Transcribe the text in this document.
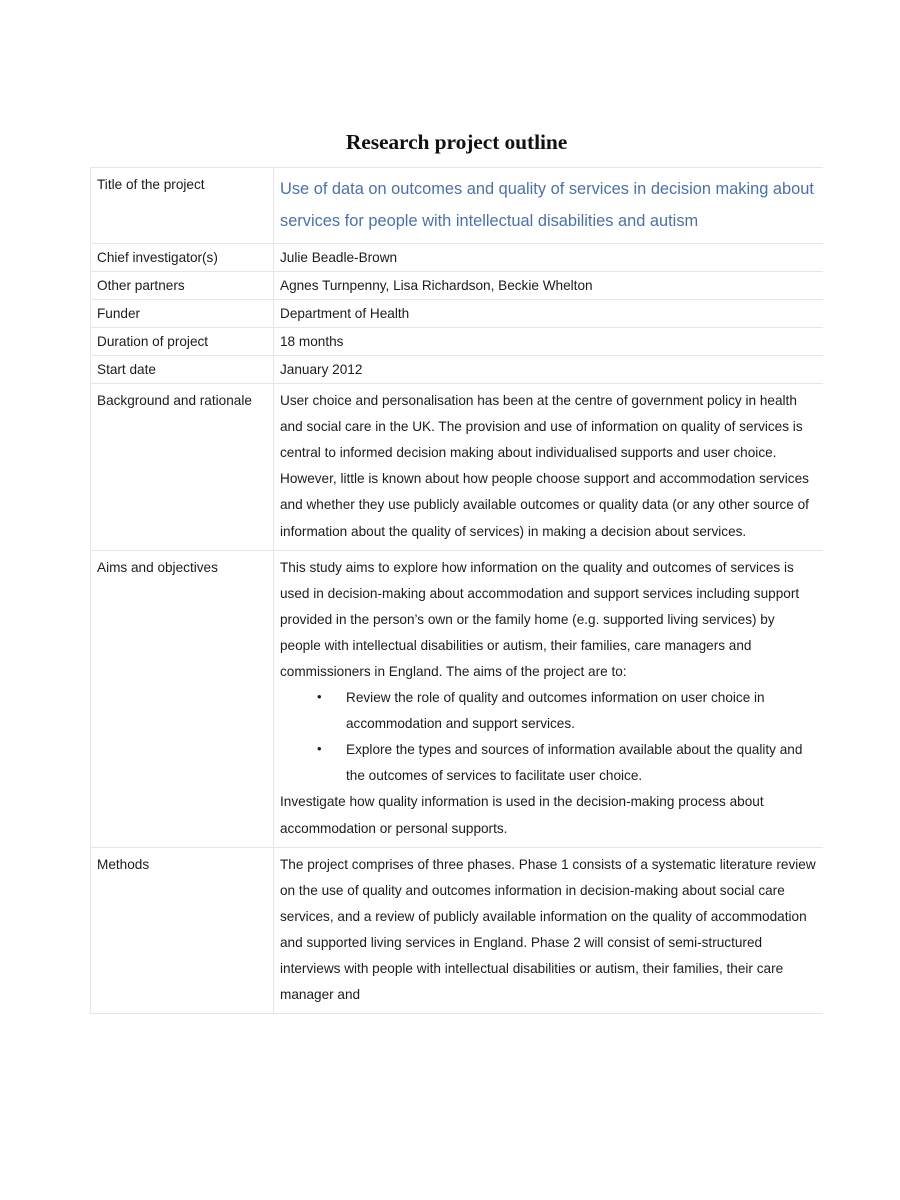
Research project outline
Title of the project	Use of data on outcomes and quality of services in decision making about services for people with intellectual disabilities and autism

Chief investigator(s)	Julie Beadle-Brown
Other partners	Agnes Turnpenny, Lisa Richardson, Beckie Whelton
Funder	Department of Health
Duration of project	18 months
Start date	January 2012
Background and rationale	User choice and personalisation has been at the centre of government policy in health and social care in the UK. The provision and use of information on quality of services is central to informed decision making about individualised supports and user choice. However, little is known about how people choose support and accommodation services and whether they use publicly available outcomes or quality data (or any other source of information about the quality of services) in making a decision about services.

Aims and objectives	This study aims to explore how information on the quality and outcomes of services is used in decision-making about accommodation and support services including support provided in the person’s own or the family home (e.g. supported living services) by people with intellectual disabilities or autism, their families, care managers and commissioners in England. The aims of the project are to:

• Review the role of quality and outcomes information on user choice in accommodation and support services.
• Explore the types and sources of information available about the quality and the outcomes of services to facilitate user choice.

Investigate how quality information is used in the decision-making process about accommodation or personal supports.

Methods	The project comprises of three phases. Phase 1 consists of a systematic literature review on the use of quality and outcomes information in decision-making about social care services, and a review of publicly available information on the quality of accommodation and supported living services in England. Phase 2 will consist of semi-structured interviews with people with intellectual disabilities or autism, their families, their care manager and
